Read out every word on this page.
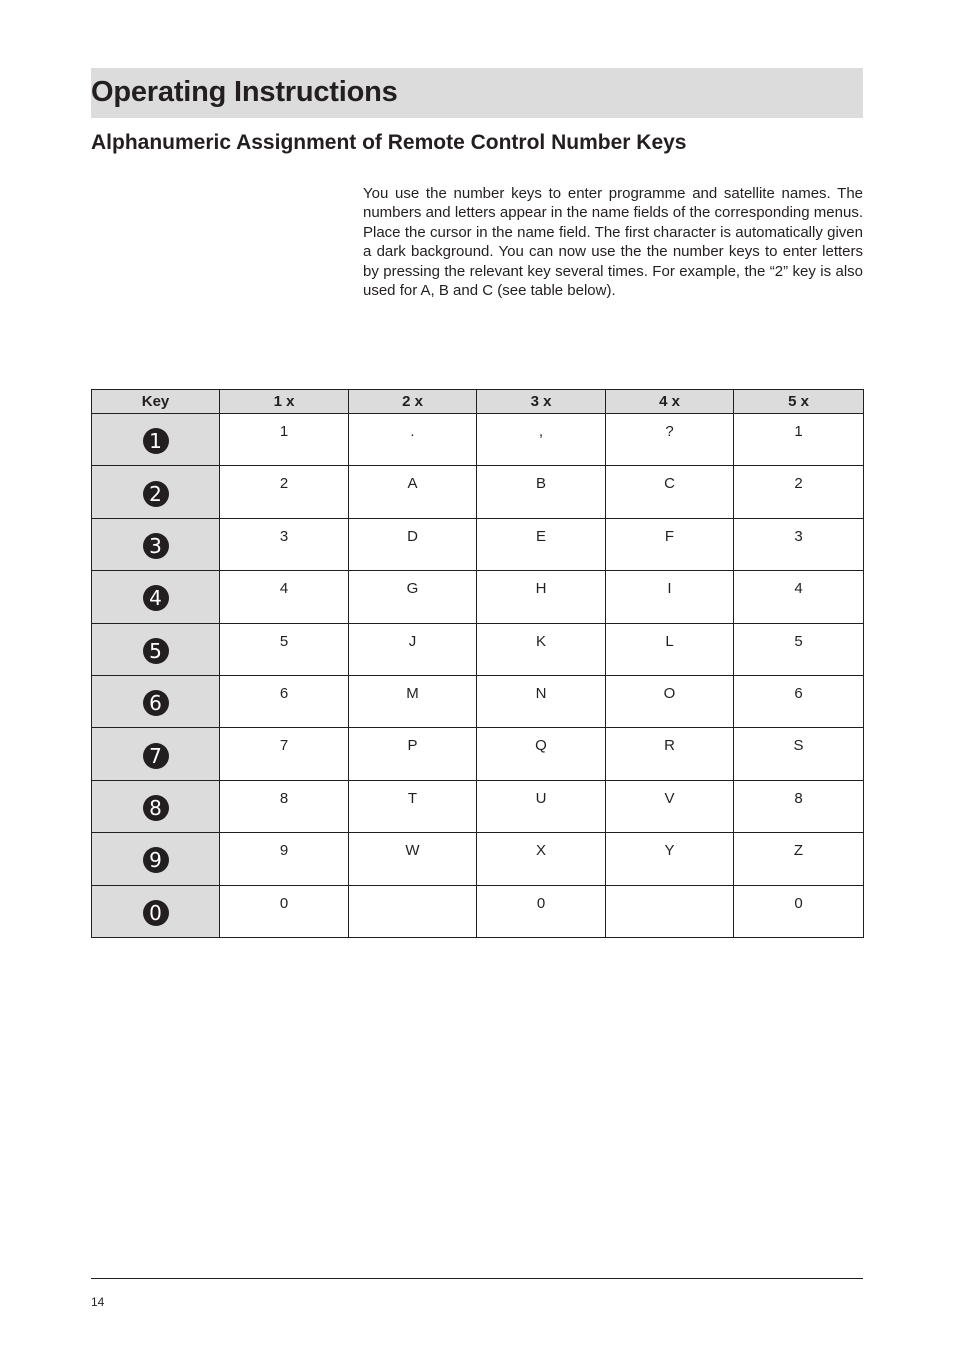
Operating Instructions
Alphanumeric Assignment of Remote Control Number Keys

You use the number keys to enter programme and satellite names. The numbers and letters appear in the name fields of the corresponding menus. Place the cursor in the name field. The first character is automatically given a dark background. You can now use the the number keys to enter letters by pressing the relevant key several times. For example, the “2” key is also used for A, B and C (see table below).

Key	1 x	2 x	3 x	4 x	5 x
1	1	.	,	?	1
2	2	A	B	C	2
3	3	D	E	F	3
4	4	G	H	I	4
5	5	J	K	L	5
6	6	M	N	O	6
7	7	P	Q	R	S
8	8	T	U	V	8
9	9	W	X	Y	Z
0	0		0		0
14
